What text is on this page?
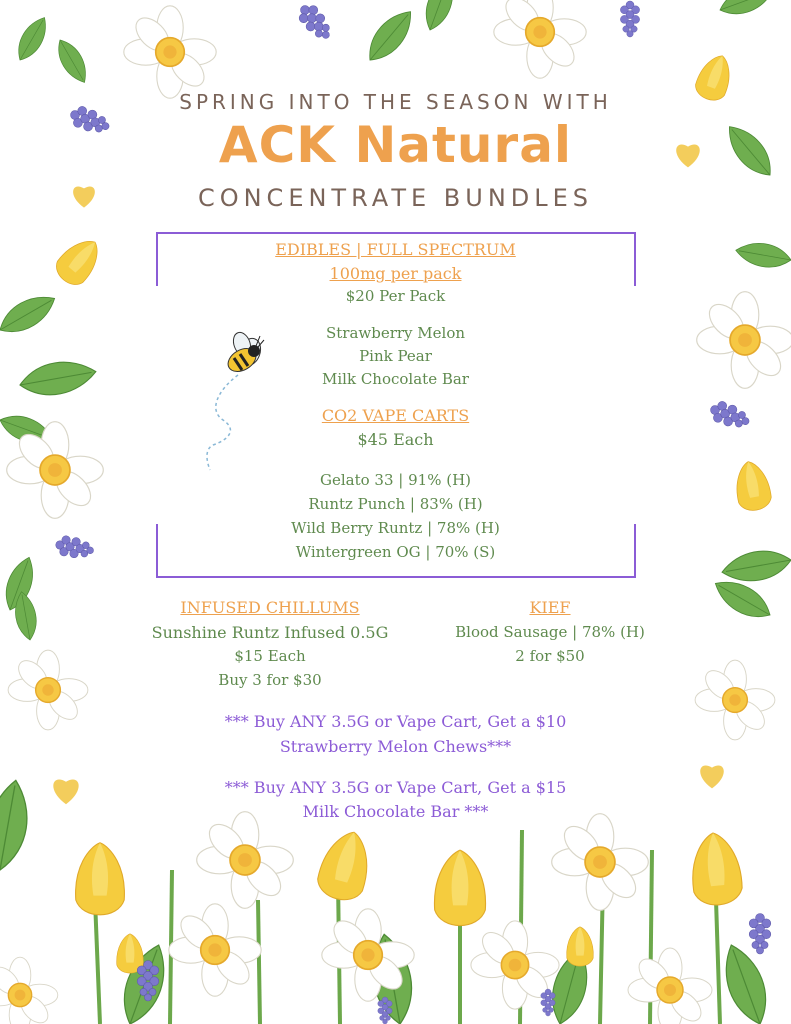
SPRING INTO THE SEASON WITH
ACK Natural
CONCENTRATE BUNDLES
EDIBLES | FULL SPECTRUM
100mg per pack
$20 Per Pack
Strawberry Melon
Pink Pear
Milk Chocolate Bar
CO2 VAPE CARTS
$45 Each
Gelato 33 | 91% (H)
Runtz Punch | 83% (H)
Wild Berry Runtz | 78% (H)
Wintergreen OG | 70% (S)
INFUSED CHILLUMS
Sunshine Runtz Infused 0.5G
$15 Each
Buy 3 for $30
KIEF
Blood Sausage | 78% (H)
2 for $50
*** Buy ANY 3.5G or Vape Cart, Get a $10
Strawberry Melon Chews***
*** Buy ANY 3.5G or Vape Cart, Get a $15
Milk Chocolate Bar ***
